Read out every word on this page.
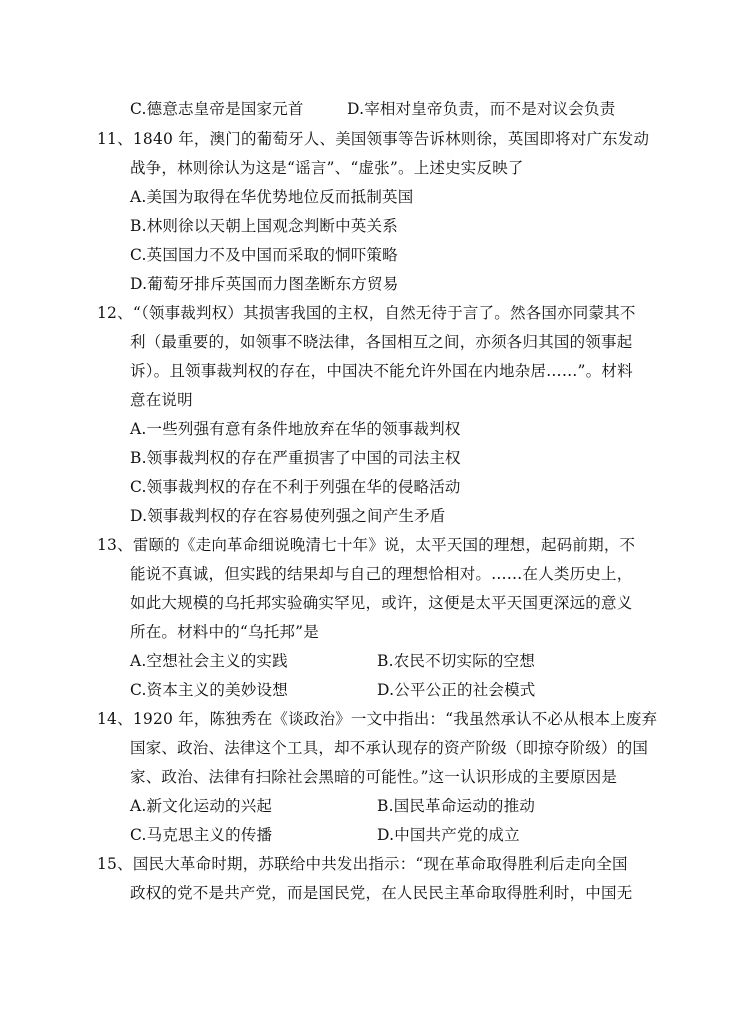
C.德意志皇帝是国家元首	D.宰相对皇帝负责，而不是对议会负责
11、1840 年，澳门的葡萄牙人、美国领事等告诉林则徐，英国即将对广东发动
战争，林则徐认为这是“谣言”、“虚张”。上述史实反映了
A.美国为取得在华优势地位反而抵制英国
B.林则徐以天朝上国观念判断中英关系
C.英国国力不及中国而采取的恫吓策略
D.葡萄牙排斥英国而力图垄断东方贸易
12、“（领事裁判权）其损害我国的主权，自然无待于言了。然各国亦同蒙其不
利（最重要的，如领事不晓法律，各国相互之间，亦须各归其国的领事起
诉）。且领事裁判权的存在，中国决不能允许外国在内地杂居……”。材料
意在说明
A.一些列强有意有条件地放弃在华的领事裁判权
B.领事裁判权的存在严重损害了中国的司法主权
C.领事裁判权的存在不利于列强在华的侵略活动
D.领事裁判权的存在容易使列强之间产生矛盾
13、雷颐的《走向革命细说晚清七十年》说，太平天国的理想，起码前期，不
能说不真诚，但实践的结果却与自己的理想恰相对。……在人类历史上，
如此大规模的乌托邦实验确实罕见，或许，这便是太平天国更深远的意义
所在。材料中的“乌托邦”是
A.空想社会主义的实践	B.农民不切实际的空想
C.资本主义的美妙设想	D.公平公正的社会模式
14、1920 年，陈独秀在《谈政治》一文中指出：“我虽然承认不必从根本上废弃
国家、政治、法律这个工具，却不承认现存的资产阶级（即掠夺阶级）的国
家、政治、法律有扫除社会黑暗的可能性。”这一认识形成的主要原因是
A.新文化运动的兴起	B.国民革命运动的推动
C.马克思主义的传播	D.中国共产党的成立
15、国民大革命时期，苏联给中共发出指示：“现在革命取得胜利后走向全国
政权的党不是共产党，而是国民党，在人民民主革命取得胜利时，中国无
